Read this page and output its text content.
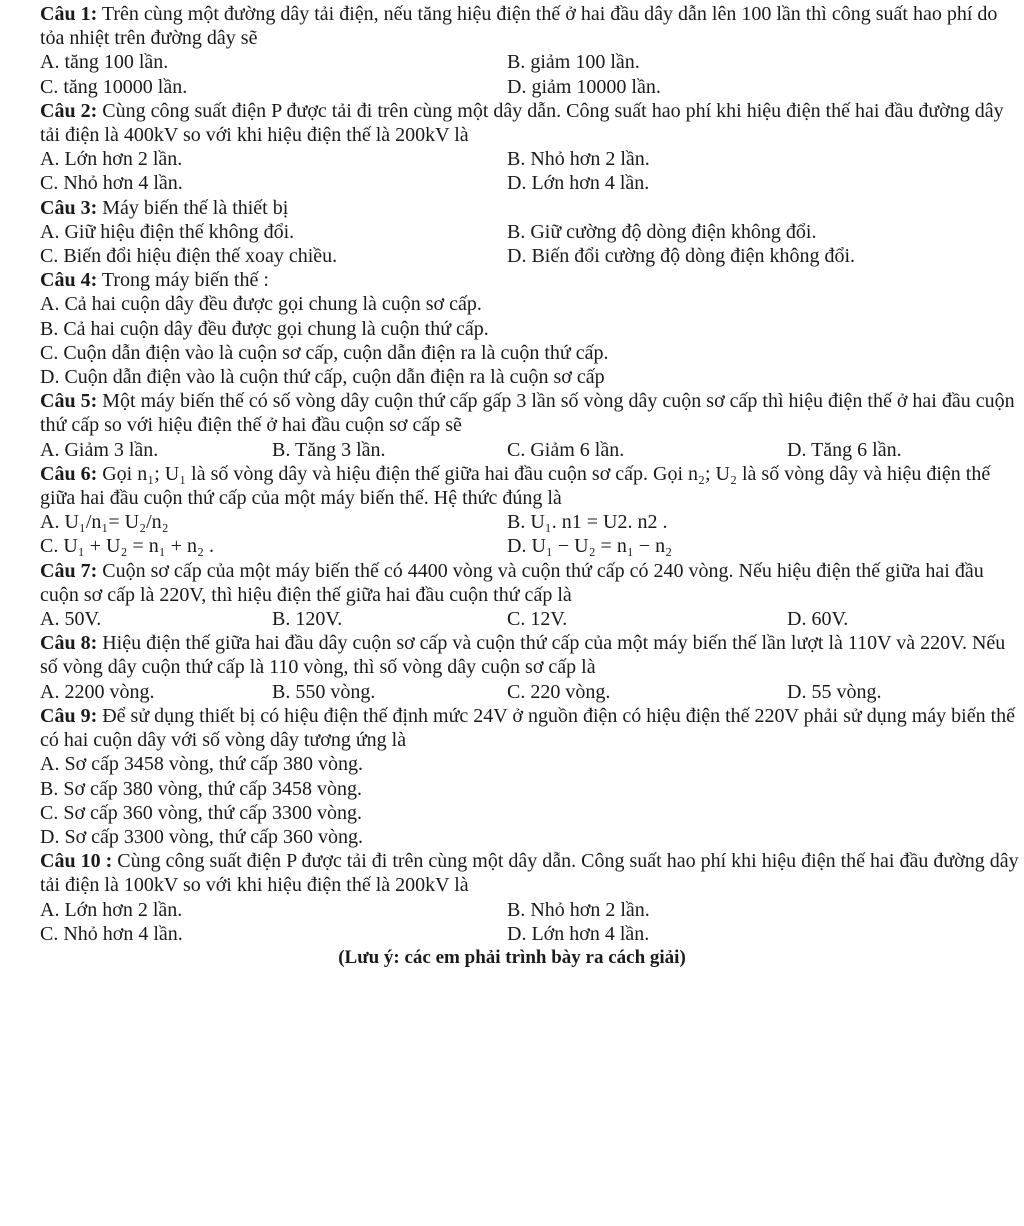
Câu 1: Trên cùng một đường dây tải điện, nếu tăng hiệu điện thế ở hai đầu dây dẫn lên 100 lần thì công suất hao phí do tỏa nhiệt trên đường dây sẽ
A. tăng 100 lần.	B. giảm 100 lần.
C. tăng 10000 lần.	D. giảm 10000 lần.
Câu 2: Cùng công suất điện P được tải đi trên cùng một dây dẫn. Công suất hao phí khi hiệu điện thế hai đầu đường dây tải điện là 400kV so với khi hiệu điện thế là 200kV là
A. Lớn hơn 2 lần.	B. Nhỏ hơn 2 lần.
C. Nhỏ hơn 4 lần.	D. Lớn hơn 4 lần.
Câu 3: Máy biến thế là thiết bị
A. Giữ hiệu điện thế không đổi.	B. Giữ cường độ dòng điện không đổi.
C. Biến đổi hiệu điện thế xoay chiều.	D. Biến đổi cường độ dòng điện không đổi.
Câu 4: Trong máy biến thế :
A. Cả hai cuộn dây đều được gọi chung là cuộn sơ cấp.
B. Cả hai cuộn dây đều được gọi chung là cuộn thứ cấp.
C. Cuộn dẫn điện vào là cuộn sơ cấp, cuộn dẫn điện ra là cuộn thứ cấp.
D. Cuộn dẫn điện vào là cuộn thứ cấp, cuộn dẫn điện ra là cuộn sơ cấp
Câu 5: Một máy biến thế có số vòng dây cuộn thứ cấp gấp 3 lần số vòng dây cuộn sơ cấp thì hiệu điện thế ở hai đầu cuộn thứ cấp so với hiệu điện thế ở hai đầu cuộn sơ cấp sẽ
A. Giảm 3 lần.	B. Tăng 3 lần.	C. Giảm 6 lần.	D. Tăng 6 lần.
Câu 6: Gọi n₁; U₁ là số vòng dây và hiệu điện thế giữa hai đầu cuộn sơ cấp. Gọi n₂; U₂ là số vòng dây và hiệu điện thế giữa hai đầu cuộn thứ cấp của một máy biến thế. Hệ thức đúng là
A. U₁/n₁= U₂/n₂	B. U₁. n1 = U2. n2 .
C. U₁ + U₂ = n₁ + n₂ .	D. U₁ − U₂ = n₁ − n₂
Câu 7: Cuộn sơ cấp của một máy biến thế có 4400 vòng và cuộn thứ cấp có 240 vòng. Nếu hiệu điện thế giữa hai đầu cuộn sơ cấp là 220V, thì hiệu điện thế giữa hai đầu cuộn thứ cấp là
A. 50V.	B. 120V.	C. 12V.	D. 60V.
Câu 8: Hiệu điện thế giữa hai đầu dây cuộn sơ cấp và cuộn thứ cấp của một máy biến thế lần lượt là 110V và 220V. Nếu số vòng dây cuộn thứ cấp là 110 vòng, thì số vòng dây cuộn sơ cấp là
A. 2200 vòng.	B. 550 vòng.	C. 220 vòng.	D. 55 vòng.
Câu 9: Để sử dụng thiết bị có hiệu điện thế định mức 24V ở nguồn điện có hiệu điện thế 220V phải sử dụng máy biến thế có hai cuộn dây với số vòng dây tương ứng là
A. Sơ cấp 3458 vòng, thứ cấp 380 vòng.
B. Sơ cấp 380 vòng, thứ cấp 3458 vòng.
C. Sơ cấp 360 vòng, thứ cấp 3300 vòng.
D. Sơ cấp 3300 vòng, thứ cấp 360 vòng.
Câu 10 : Cùng công suất điện P được tải đi trên cùng một dây dẫn. Công suất hao phí khi hiệu điện thế hai đầu đường dây tải điện là 100kV so với khi hiệu điện thế là 200kV là
A. Lớn hơn 2 lần.	B. Nhỏ hơn 2 lần.
C. Nhỏ hơn 4 lần.	D. Lớn hơn 4 lần.
(Lưu ý: các em phải trình bày ra cách giải)
